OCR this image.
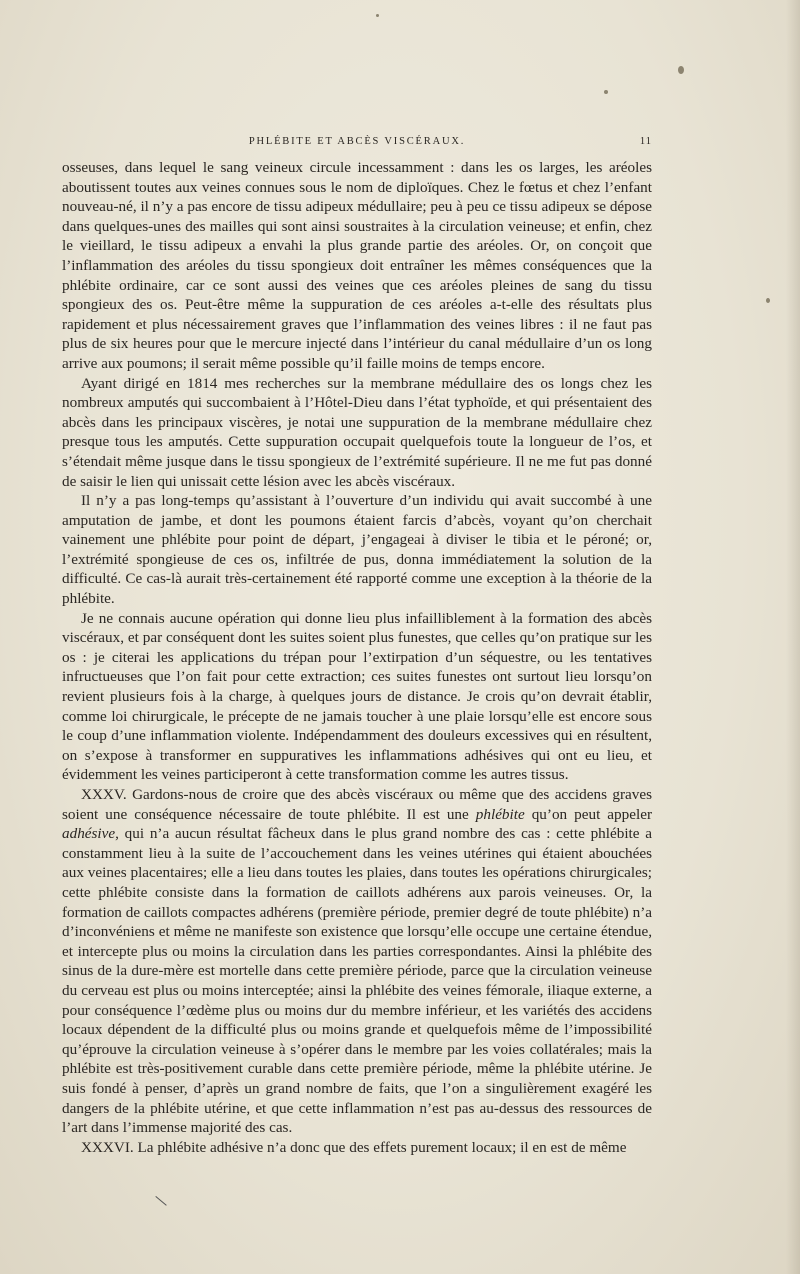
PHLÉBITE ET ABCÈS VISCÉRAUX.	11

osseuses, dans lequel le sang veineux circule incessamment : dans les os larges, les aréoles aboutissent toutes aux veines connues sous le nom de diploïques. Chez le fœtus et chez l’enfant nouveau-né, il n’y a pas encore de tissu adipeux médullaire; peu à peu ce tissu adipeux se dépose dans quelques-unes des mailles qui sont ainsi soustraites à la circulation veineuse; et enfin, chez le vieillard, le tissu adipeux a envahi la plus grande partie des aréoles. Or, on conçoit que l’inflammation des aréoles du tissu spongieux doit entraîner les mêmes conséquences que la phlébite ordinaire, car ce sont aussi des veines que ces aréoles pleines de sang du tissu spongieux des os. Peut-être même la suppuration de ces aréoles a-t-elle des résultats plus rapidement et plus nécessairement graves que l’inflammation des veines libres : il ne faut pas plus de six heures pour que le mercure injecté dans l’intérieur du canal médullaire d’un os long arrive aux poumons; il serait même possible qu’il faille moins de temps encore.

Ayant dirigé en 1814 mes recherches sur la membrane médullaire des os longs chez les nombreux amputés qui succombaient à l’Hôtel-Dieu dans l’état typhoïde, et qui présentaient des abcès dans les principaux viscères, je notai une suppuration de la membrane médullaire chez presque tous les amputés. Cette suppuration occupait quelquefois toute la longueur de l’os, et s’étendait même jusque dans le tissu spongieux de l’extrémité supérieure. Il ne me fut pas donné de saisir le lien qui unissait cette lésion avec les abcès viscéraux.

Il n’y a pas long-temps qu’assistant à l’ouverture d’un individu qui avait succombé à une amputation de jambe, et dont les poumons étaient farcis d’abcès, voyant qu’on cherchait vainement une phlébite pour point de départ, j’engageai à diviser le tibia et le péroné; or, l’extrémité spongieuse de ces os, infiltrée de pus, donna immédiatement la solution de la difficulté. Ce cas-là aurait très-certainement été rapporté comme une exception à la théorie de la phlébite.

Je ne connais aucune opération qui donne lieu plus infailliblement à la formation des abcès viscéraux, et par conséquent dont les suites soient plus funestes, que celles qu’on pratique sur les os : je citerai les applications du trépan pour l’extirpation d’un séquestre, ou les tentatives infructueuses que l’on fait pour cette extraction; ces suites funestes ont surtout lieu lorsqu’on revient plusieurs fois à la charge, à quelques jours de distance. Je crois qu’on devrait établir, comme loi chirurgicale, le précepte de ne jamais toucher à une plaie lorsqu’elle est encore sous le coup d’une inflammation violente. Indépendamment des douleurs excessives qui en résultent, on s’expose à transformer en suppuratives les inflammations adhésives qui ont eu lieu, et évidemment les veines participeront à cette transformation comme les autres tissus.

XXXV. Gardons-nous de croire que des abcès viscéraux ou même que des accidens graves soient une conséquence nécessaire de toute phlébite. Il est une phlébite qu’on peut appeler adhésive, qui n’a aucun résultat fâcheux dans le plus grand nombre des cas : cette phlébite a constamment lieu à la suite de l’accouchement dans les veines utérines qui étaient abouchées aux veines placentaires; elle a lieu dans toutes les plaies, dans toutes les opérations chirurgicales; cette phlébite consiste dans la formation de caillots adhérens aux parois veineuses. Or, la formation de caillots compactes adhérens (première période, premier degré de toute phlébite) n’a d’inconvéniens et même ne manifeste son existence que lorsqu’elle occupe une certaine étendue, et intercepte plus ou moins la circulation dans les parties correspondantes. Ainsi la phlébite des sinus de la dure-mère est mortelle dans cette première période, parce que la circulation veineuse du cerveau est plus ou moins interceptée; ainsi la phlébite des veines fémorale, iliaque externe, a pour conséquence l’œdème plus ou moins dur du membre inférieur, et les variétés des accidens locaux dépendent de la difficulté plus ou moins grande et quelquefois même de l’impossibilité qu’éprouve la circulation veineuse à s’opérer dans le membre par les voies collatérales; mais la phlébite est très-positivement curable dans cette première période, même la phlébite utérine. Je suis fondé à penser, d’après un grand nombre de faits, que l’on a singulièrement exagéré les dangers de la phlébite utérine, et que cette inflammation n’est pas au-dessus des ressources de l’art dans l’immense majorité des cas.

XXXVI. La phlébite adhésive n’a donc que des effets purement locaux; il en est de même
